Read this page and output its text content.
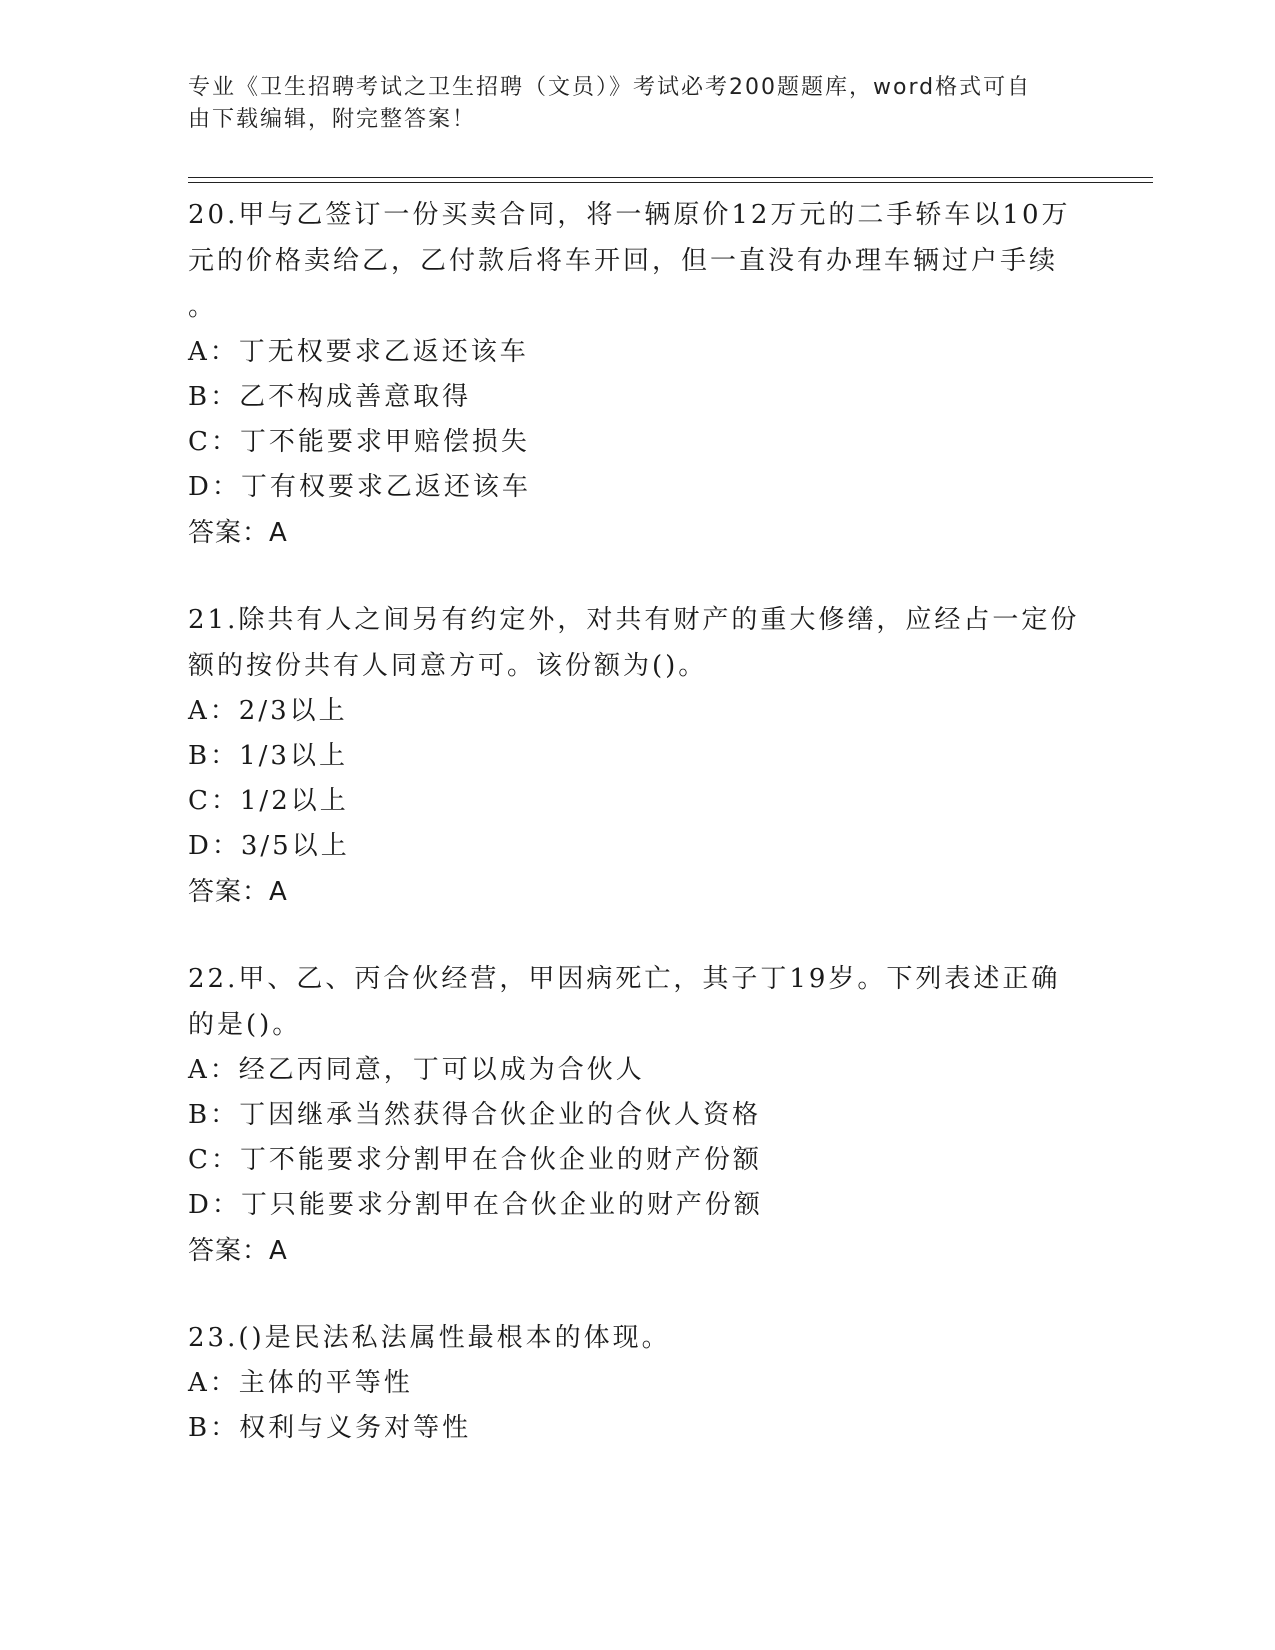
专业《卫生招聘考试之卫生招聘（文员）》考试必考200题题库，word格式可自
由下载编辑，附完整答案！
20.甲与乙签订一份买卖合同，将一辆原价12万元的二手轿车以10万
元的价格卖给乙，乙付款后将车开回，但一直没有办理车辆过户手续
。
A：丁无权要求乙返还该车
B：乙不构成善意取得
C：丁不能要求甲赔偿损失
D：丁有权要求乙返还该车
答案：A
21.除共有人之间另有约定外，对共有财产的重大修缮，应经占一定份
额的按份共有人同意方可。该份额为()。
A：2/3以上
B：1/3以上
C：1/2以上
D：3/5以上
答案：A
22.甲、乙、丙合伙经营，甲因病死亡，其子丁19岁。下列表述正确
的是()。
A：经乙丙同意，丁可以成为合伙人
B：丁因继承当然获得合伙企业的合伙人资格
C：丁不能要求分割甲在合伙企业的财产份额
D：丁只能要求分割甲在合伙企业的财产份额
答案：A
23.()是民法私法属性最根本的体现。
A：主体的平等性
B：权利与义务对等性
